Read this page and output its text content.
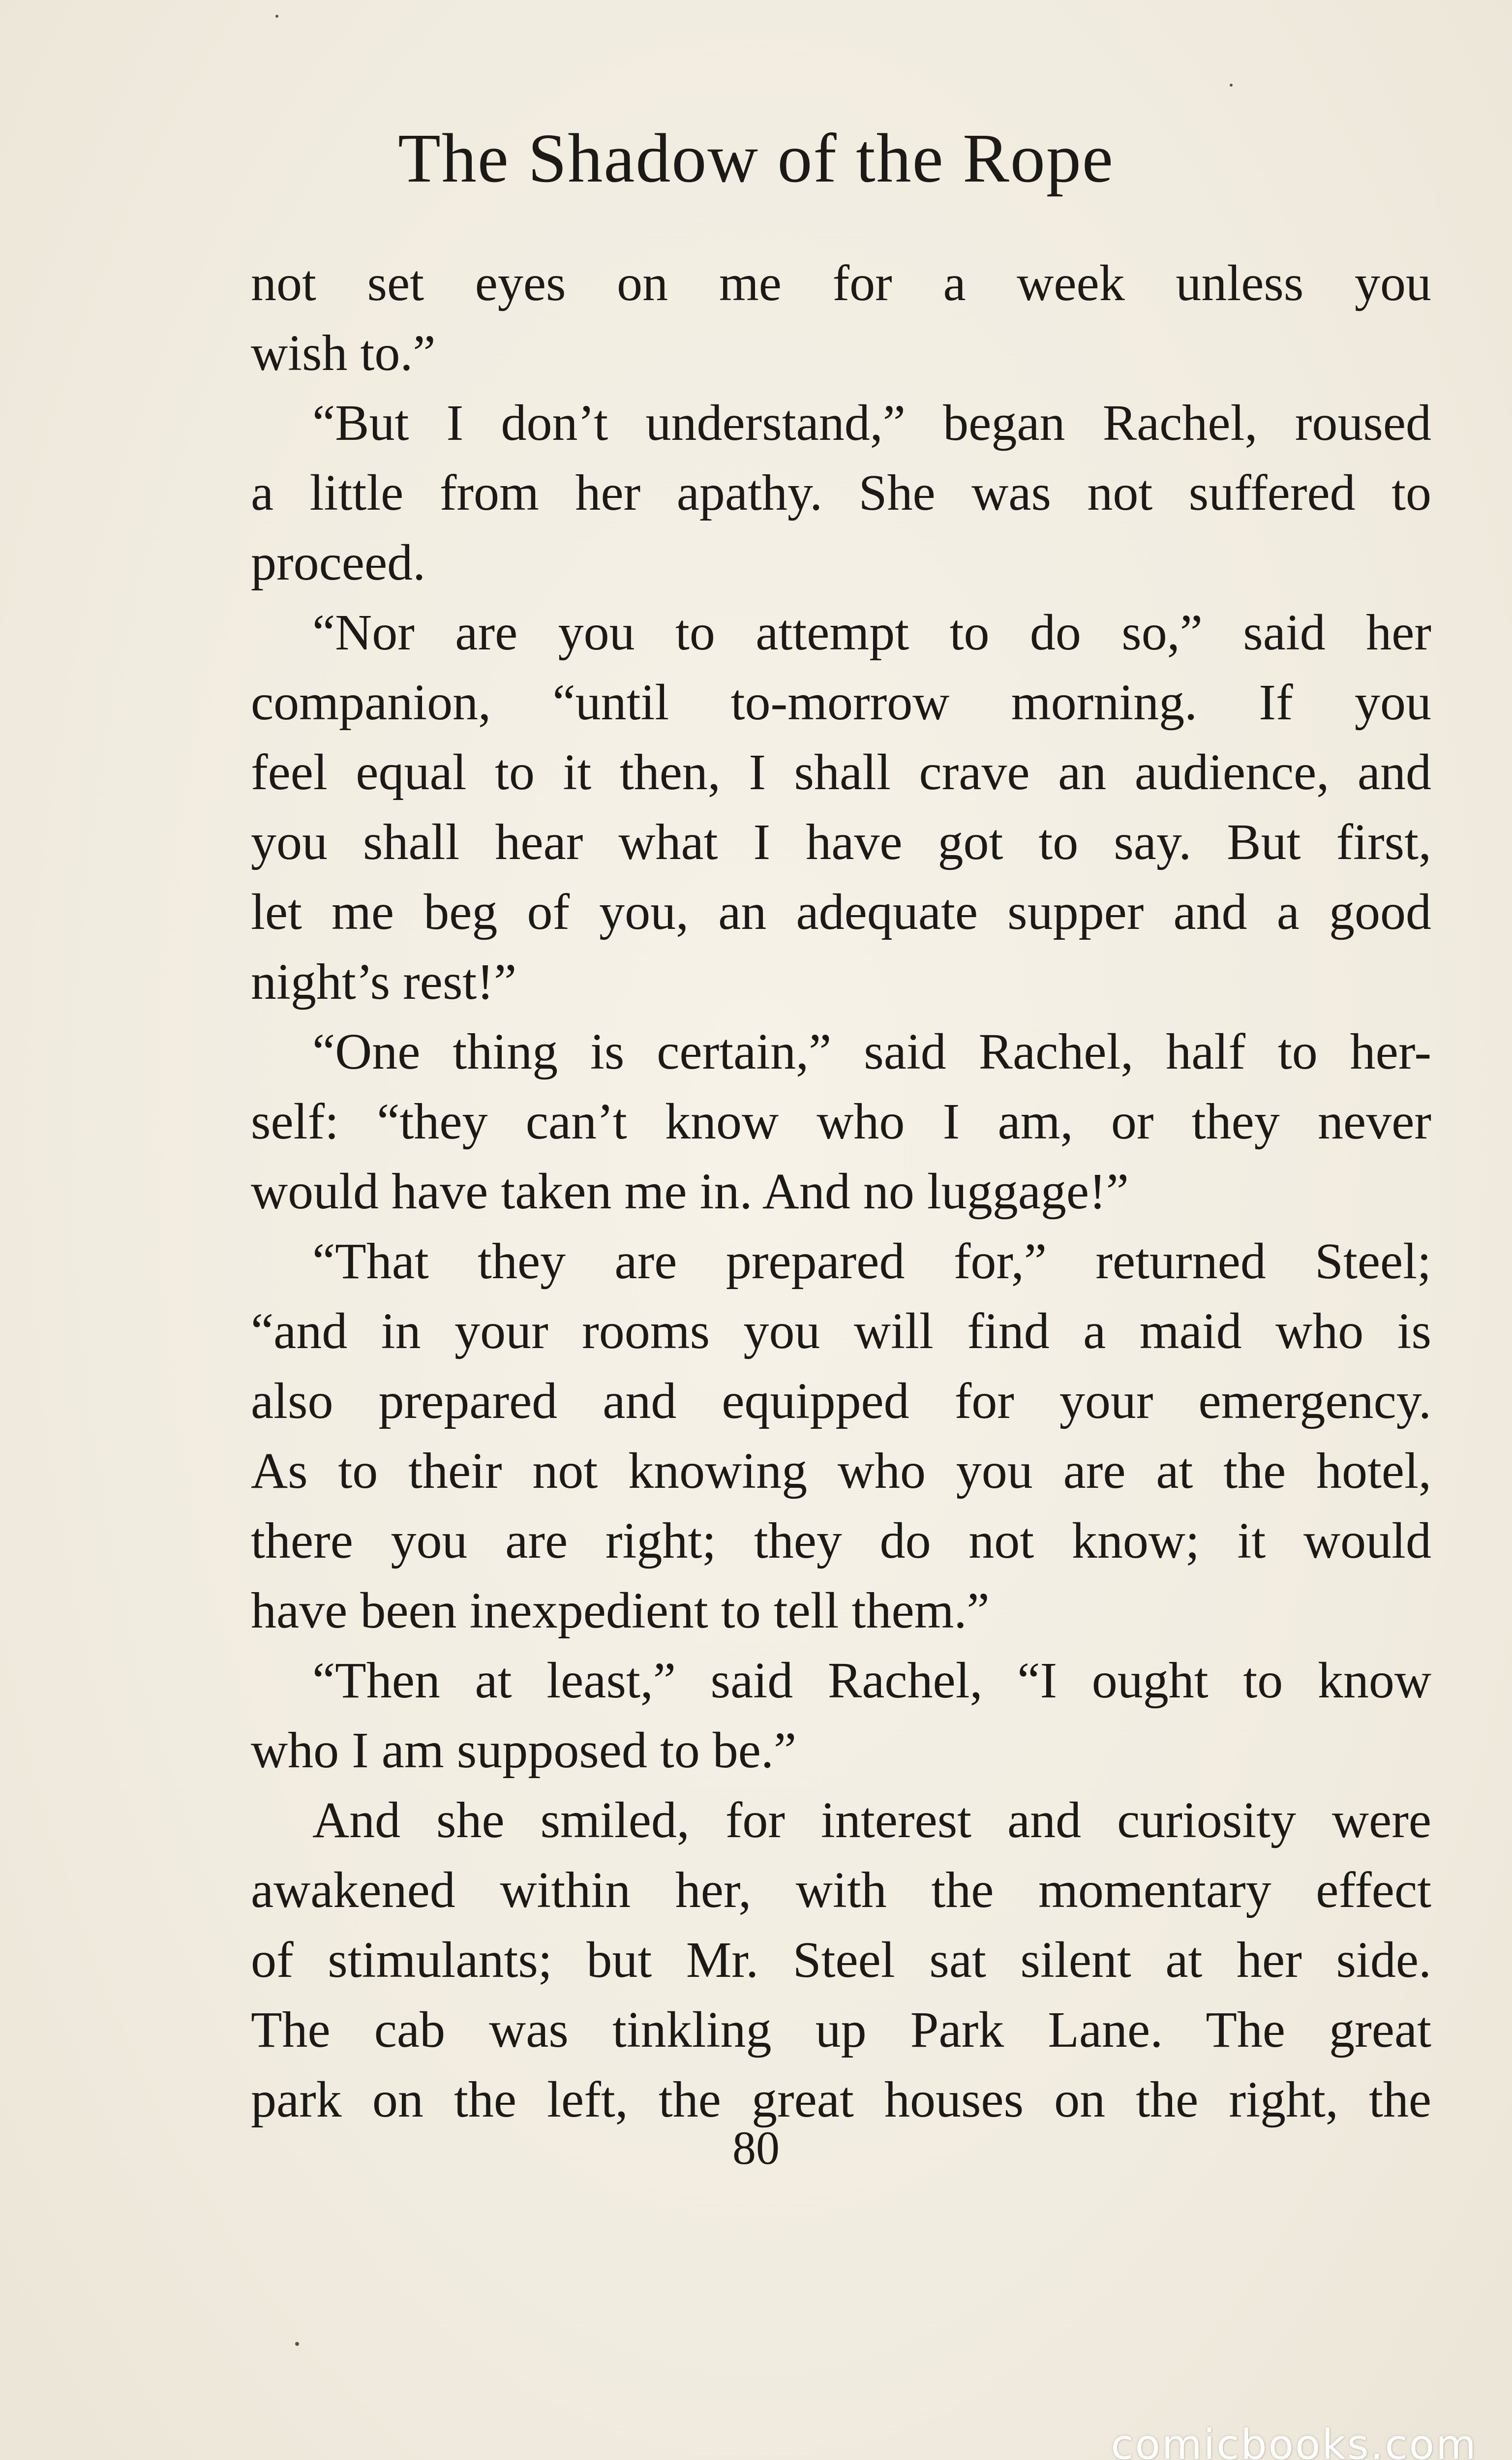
The Shadow of the Rope
not set eyes on me for a week unless you
wish to.”
“But I don’t understand,” began Rachel, roused
a little from her apathy. She was not suffered to
proceed.
“Nor are you to attempt to do so,” said her
companion, “until to-morrow morning. If you
feel equal to it then, I shall crave an audience, and
you shall hear what I have got to say. But first,
let me beg of you, an adequate supper and a good
night’s rest!”
“One thing is certain,” said Rachel, half to her-
self: “they can’t know who I am, or they never
would have taken me in. And no luggage!”
“That they are prepared for,” returned Steel;
“and in your rooms you will find a maid who is
also prepared and equipped for your emergency.
As to their not knowing who you are at the hotel,
there you are right; they do not know; it would
have been inexpedient to tell them.”
“Then at least,” said Rachel, “I ought to know
who I am supposed to be.”
And she smiled, for interest and curiosity were
awakened within her, with the momentary effect
of stimulants; but Mr. Steel sat silent at her side.
The cab was tinkling up Park Lane. The great
park on the left, the great houses on the right, the
80
comicbooks.com
